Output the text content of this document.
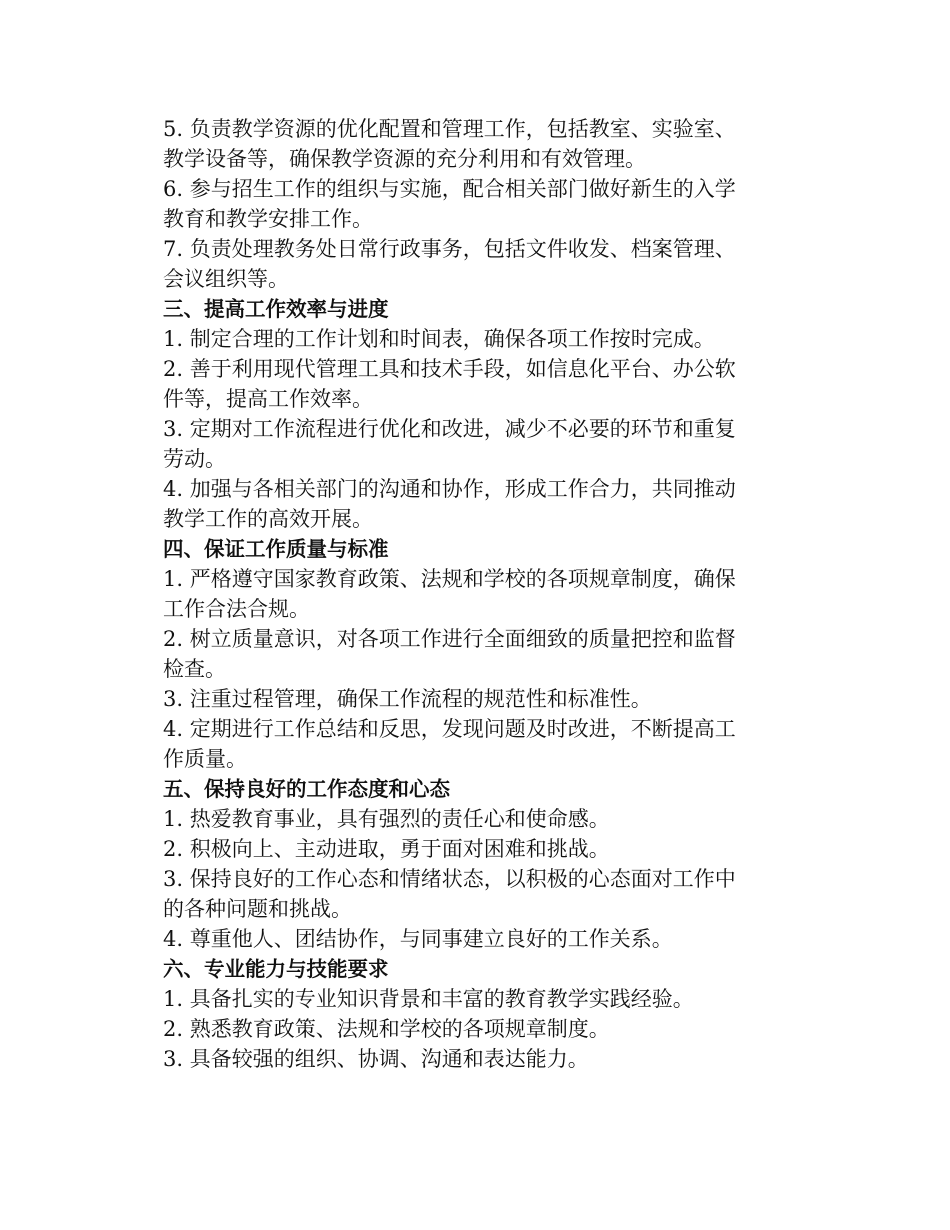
5. 负责教学资源的优化配置和管理工作，包括教室、实验室、
教学设备等，确保教学资源的充分利用和有效管理。
6. 参与招生工作的组织与实施，配合相关部门做好新生的入学
教育和教学安排工作。
7. 负责处理教务处日常行政事务，包括文件收发、档案管理、
会议组织等。
三、提高工作效率与进度
1. 制定合理的工作计划和时间表，确保各项工作按时完成。
2. 善于利用现代管理工具和技术手段，如信息化平台、办公软
件等，提高工作效率。
3. 定期对工作流程进行优化和改进，减少不必要的环节和重复
劳动。
4. 加强与各相关部门的沟通和协作，形成工作合力，共同推动
教学工作的高效开展。
四、保证工作质量与标准
1. 严格遵守国家教育政策、法规和学校的各项规章制度，确保
工作合法合规。
2. 树立质量意识，对各项工作进行全面细致的质量把控和监督
检查。
3. 注重过程管理，确保工作流程的规范性和标准性。
4. 定期进行工作总结和反思，发现问题及时改进，不断提高工
作质量。
五、保持良好的工作态度和心态
1. 热爱教育事业，具有强烈的责任心和使命感。
2. 积极向上、主动进取，勇于面对困难和挑战。
3. 保持良好的工作心态和情绪状态，以积极的心态面对工作中
的各种问题和挑战。
4. 尊重他人、团结协作，与同事建立良好的工作关系。
六、专业能力与技能要求
1. 具备扎实的专业知识背景和丰富的教育教学实践经验。
2. 熟悉教育政策、法规和学校的各项规章制度。
3. 具备较强的组织、协调、沟通和表达能力。
